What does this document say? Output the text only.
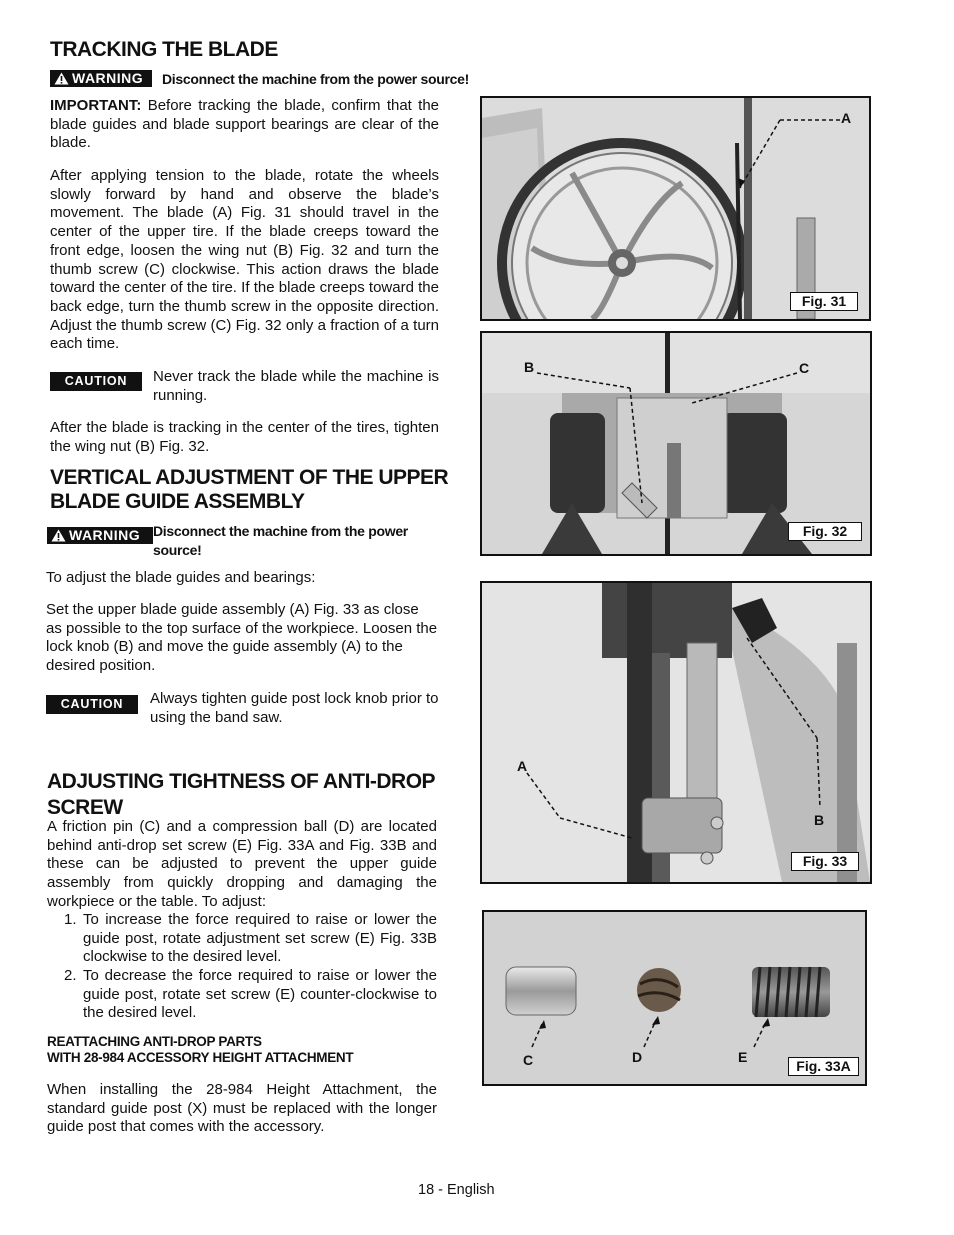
TRACKING THE BLADE
WARNING Disconnect the machine from the power source!

IMPORTANT: Before tracking the blade, confirm that the blade guides and blade support bearings are clear of the blade.

After applying tension to the blade, rotate the wheels slowly forward by hand and observe the blade’s movement. The blade (A) Fig. 31 should travel in the center of the upper tire. If the blade creeps toward the front edge, loosen the wing nut (B) Fig. 32 and turn the thumb screw (C) clockwise. This action draws the blade toward the center of the tire. If the blade creeps toward the back edge, turn the thumb screw in the opposite direction. Adjust the thumb screw (C) Fig. 32 only a fraction of a turn each time.

CAUTION	Never track the blade while the machine is running.

After the blade is tracking in the center of the tires, tighten the wing nut (B) Fig. 32.

VERTICAL ADJUSTMENT OF THE UPPER BLADE GUIDE ASSEMBLY
WARNING Disconnect the machine from the power source!

To adjust the blade guides and bearings:

Set the upper blade guide assembly (A) Fig. 33 as close as possible to the top surface of the workpiece. Loosen the lock knob (B) and move the guide assembly (A) to the desired position.

CAUTION	Always tighten guide post lock knob prior to using the band saw.

ADJUSTING TIGHTNESS OF ANTI-DROP SCREW

A friction pin (C) and a compression ball (D) are located behind anti-drop set screw (E) Fig. 33A and Fig. 33B and these can be adjusted to prevent the upper guide assembly from quickly dropping and damaging the workpiece or the table. To adjust:

1. To increase the force required to raise or lower the guide post, rotate adjustment set screw (E) Fig. 33B clockwise to the desired level.
2. To decrease the force required to raise or lower the guide post, rotate set screw (E) counter-clockwise to the desired level.
REATTACHING ANTI-DROP PARTS
WITH 28-984 ACCESSORY HEIGHT ATTACHMENT

When installing the 28-984 Height Attachment, the standard guide post (X) must be replaced with the longer guide post that comes with the accessory.

A
Fig. 31
B	C
Fig. 32
A
B
Fig. 33
C	D	E
Fig. 33A
18 - English
